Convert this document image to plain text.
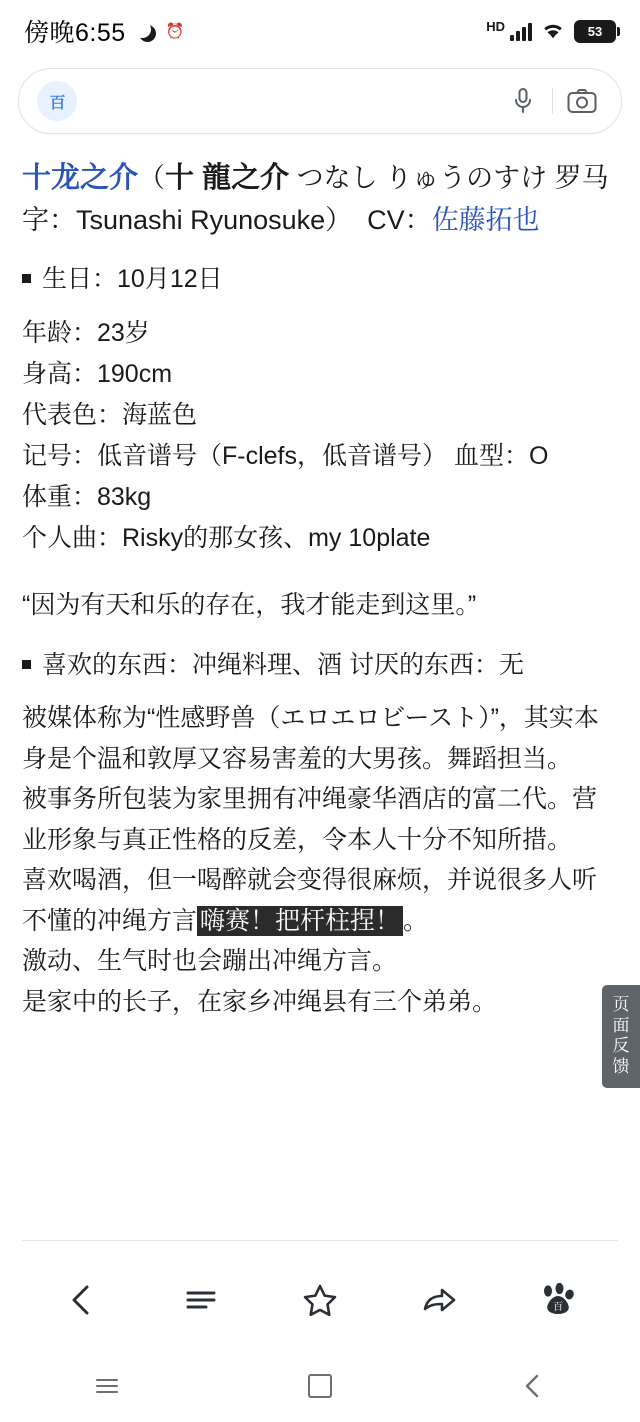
傍晚6:55	⏰	HD	53
百
十龙之介（十 龍之介 つなし りゅうのすけ 罗马字：Tsunashi Ryunosuke） CV：佐藤拓也
生日： 10月12日
年龄：23岁
身高：190cm
代表色：海蓝色
记号：低音谱号（F-clefs，低音谱号） 血型：O
体重：83kg
个人曲：Risky的那女孩、my 10plate
“因为有天和乐的存在，我才能走到这里。”
喜欢的东西：冲绳料理、酒 讨厌的东西：无
被媒体称为“性感野兽（エロエロビースト）”，其实本身是个温和敦厚又容易害羞的大男孩。舞蹈担当。
被事务所包装为家里拥有冲绳豪华酒店的富二代。营业形象与真正性格的反差，令本人十分不知所措。
喜欢喝酒，但一喝醉就会变得很麻烦，并说很多人听不懂的冲绳方言 嗨赛！把杆柱捏！ 。
激动、生气时也会蹦出冲绳方言。
是家中的长子，在家乡冲绳县有三个弟弟。	页面反馈
百
